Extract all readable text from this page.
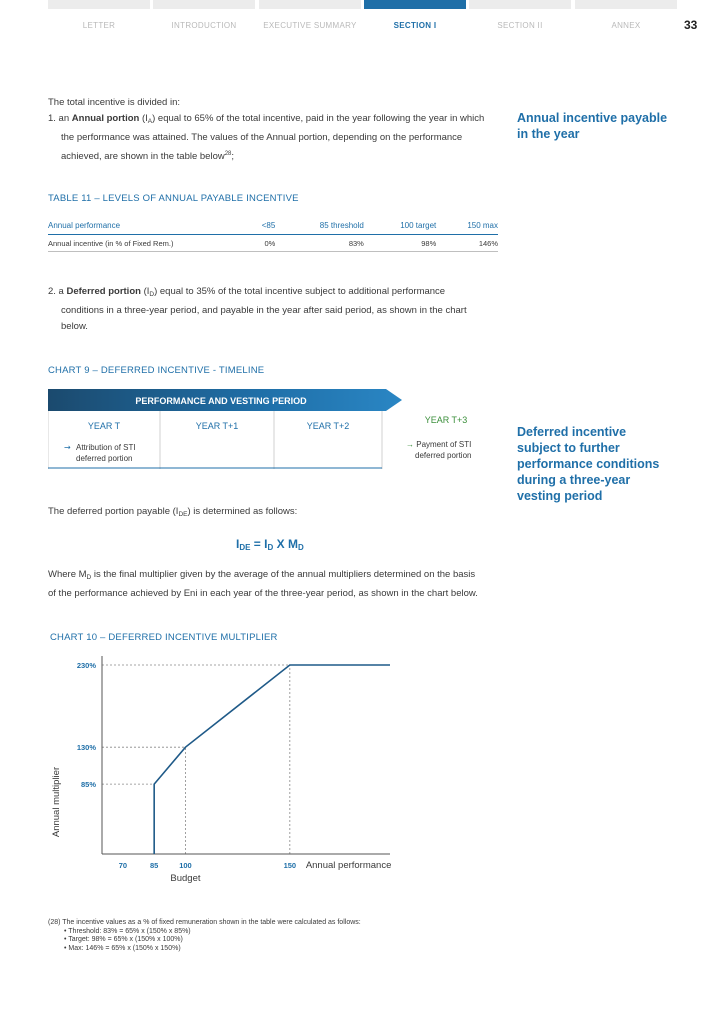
LETTER	INTRODUCTION	EXECUTIVE SUMMARY	SECTION I	SECTION II	ANNEX	33
The total incentive is divided in:
1. an Annual portion $(I_A)$ equal to 65% of the total incentive, paid in the year following the year in which
the performance was attained. The values of the Annual portion, depending on the performance
achieved, are shown in the table below$^{28}$;
Annual incentive payable
in the year
TABLE 11 – LEVELS OF ANNUAL PAYABLE INCENTIVE
Annual performance	<85	85 threshold	100 target	150 max
Annual incentive (in % of Fixed Rem.)	0%	83%	98%	146%
2. a Deferred portion $(I_D)$ equal to 35% of the total incentive subject to additional performance
conditions in a three-year period, and payable in the year after said period, as shown in the chart
below.
CHART 9 – DEFERRED INCENTIVE - TIMELINE
PERFORMANCE AND VESTING PERIOD
YEAR T	YEAR T+1	YEAR T+2
→ Attribution of STI
deferred portion
YEAR T+3
→ Payment of STI
deferred portion
Deferred incentive
subject to further
performance conditions
during a three-year
vesting period
The deferred portion payable $(I_{DE})$ is determined as follows:
$I_{DE} = I_D$ X $M_D$
Where $M_D$ is the final multiplier given by the average of the annual multipliers determined on the basis
of the performance achieved by Eni in each year of the three-year period, as shown in the chart below.
CHART 10 – DEFERRED INCENTIVE MULTIPLIER
85%
130%
230%
70	85	100	150 Annual performance
Budget
Annual multiplier
(28) The incentive values as a % of fixed remuneration shown in the table were calculated as follows:
• Threshold: 83% = 65% x (150% x 85%)
• Target: 98% = 65% x (150% x 100%)
• Max: 146% = 65% x (150% x 150%)
